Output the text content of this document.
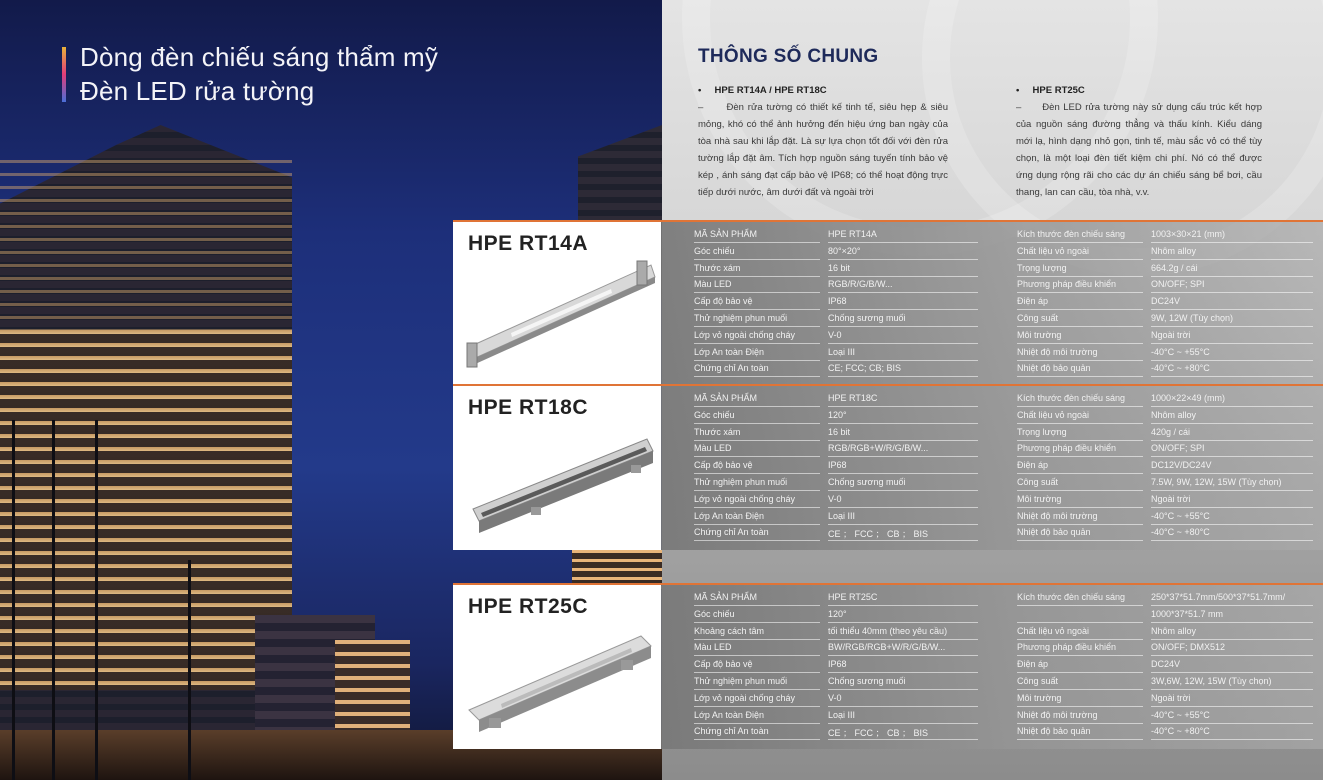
Dòng đèn chiếu sáng thẩm mỹ
Đèn LED rửa tường
THÔNG SỐ CHUNG
• HPE RT14A / HPE RT18C
– Đèn rửa tường có thiết kế tinh tế, siêu hẹp & siêu mỏng, khó có thể ảnh hưởng đến hiệu ứng ban ngày của tòa nhà sau khi lắp đặt. Là sự lựa chọn tốt đối với đèn rửa tường lắp đặt âm. Tích hợp nguồn sáng tuyến tính bảo vệ kép , ánh sáng đạt cấp bảo vệ IP68; có thể hoạt động trực tiếp dưới nước, âm dưới đất và ngoài trời
• HPE RT25C
– Đèn LED rửa tường này sử dụng cấu trúc kết hợp của nguồn sáng đường thẳng và thấu kính. Kiểu dáng mới lạ, hình dạng nhỏ gọn, tinh tế, màu sắc vỏ có thể tùy chọn, là một loại đèn tiết kiệm chi phí. Nó có thể được ứng dụng rộng rãi cho các dự án chiếu sáng bể bơi, cầu thang, lan can cầu, tòa nhà, v.v.
HPE RT14A	MÃ SẢN PHẨM	HPE RT14A
Góc chiếu	80°×20°
Thước xám	16 bit
Màu LED	RGB/R/G/B/W...
Cấp độ bảo vệ	IP68
Thử nghiệm phun muối	Chống sương muối
Lớp vỏ ngoài chống cháy	V-0
Lớp An toàn Điện	Loại III
Chứng chỉ An toàn	CE; FCC; CB; BIS
Kích thước đèn chiếu sáng	1003×30×21 (mm)
Chất liệu vỏ ngoài	Nhôm alloy
Trọng lượng	664.2g / cái
Phương pháp điều khiển	ON/OFF; SPI
Điện áp	DC24V
Công suất	9W, 12W (Tùy chọn)
Môi trường	Ngoài trời
Nhiệt độ môi trường	-40°C ~ +55°C
Nhiệt độ bảo quản	-40°C ~ +80°C
HPE RT18C	MÃ SẢN PHẨM	HPE RT18C
Góc chiếu	120°
Thước xám	16 bit
Màu LED	RGB/RGB+W/R/G/B/W...
Cấp độ bảo vệ	IP68
Thử nghiệm phun muối	Chống sương muối
Lớp vỏ ngoài chống cháy	V-0
Lớp An toàn Điện	Loại III
Chứng chỉ An toàn	CE ； FCC ； CB ； BIS
Kích thước đèn chiếu sáng	1000×22×49 (mm)
Chất liệu vỏ ngoài	Nhôm alloy
Trọng lượng	420g / cái
Phương pháp điều khiển	ON/OFF; SPI
Điện áp	DC12V/DC24V
Công suất	7.5W, 9W, 12W, 15W (Tùy chọn)
Môi trường	Ngoài trời
Nhiệt độ môi trường	-40°C ~ +55°C
Nhiệt độ bảo quản	-40°C ~ +80°C
HPE RT25C	MÃ SẢN PHẨM	HPE RT25C
Góc chiếu	120°
Khoảng cách tâm	tối thiểu 40mm (theo yêu cầu)
Màu LED	BW/RGB/RGB+W/R/G/B/W...
Cấp độ bảo vệ	IP68
Thử nghiệm phun muối	Chống sương muối
Lớp vỏ ngoài chống cháy	V-0
Lớp An toàn Điện	Loại III
Chứng chỉ An toàn	CE ； FCC ； CB ； BIS
Kích thước đèn chiếu sáng	250*37*51.7mm/500*37*51.7mm/
1000*37*51.7 mm
Chất liệu vỏ ngoài	Nhôm alloy
Phương pháp điều khiển	ON/OFF; DMX512
Điện áp	DC24V
Công suất	3W,6W, 12W, 15W (Tùy chọn)
Môi trường	Ngoài trời
Nhiệt độ môi trường	-40°C ~ +55°C
Nhiệt độ bảo quản	-40°C ~ +80°C
